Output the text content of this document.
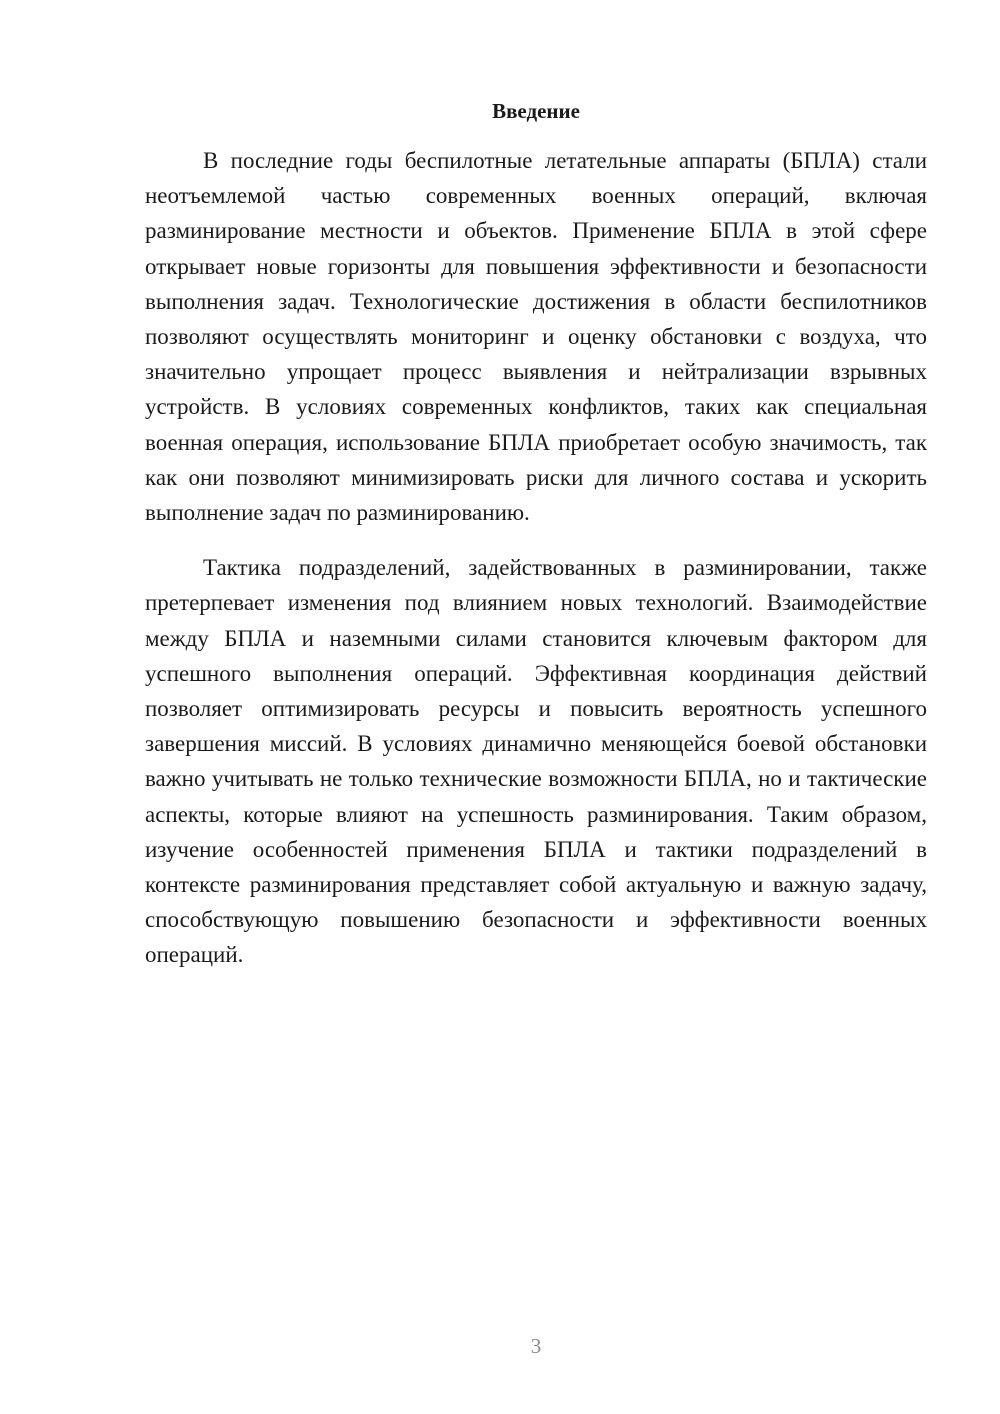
Введение

В последние годы беспилотные летательные аппараты (БПЛА) стали неотъемлемой частью современных военных операций, включая разминирование местности и объектов. Применение БПЛА в этой сфере открывает новые горизонты для повышения эффективности и безопасности выполнения задач. Технологические достижения в области беспилотников позволяют осуществлять мониторинг и оценку обстановки с воздуха, что значительно упрощает процесс выявления и нейтрализации взрывных устройств. В условиях современных конфликтов, таких как специальная военная операция, использование БПЛА приобретает особую значимость, так как они позволяют минимизировать риски для личного состава и ускорить выполнение задач по разминированию.

Тактика подразделений, задействованных в разминировании, также претерпевает изменения под влиянием новых технологий. Взаимодействие между БПЛА и наземными силами становится ключевым фактором для успешного выполнения операций. Эффективная координация действий позволяет оптимизировать ресурсы и повысить вероятность успешного завершения миссий. В условиях динамично меняющейся боевой обстановки важно учитывать не только технические возможности БПЛА, но и тактические аспекты, которые влияют на успешность разминирования. Таким образом, изучение особенностей применения БПЛА и тактики подразделений в контексте разминирования представляет собой актуальную и важную задачу, способствующую повышению безопасности и эффективности военных операций.

3
